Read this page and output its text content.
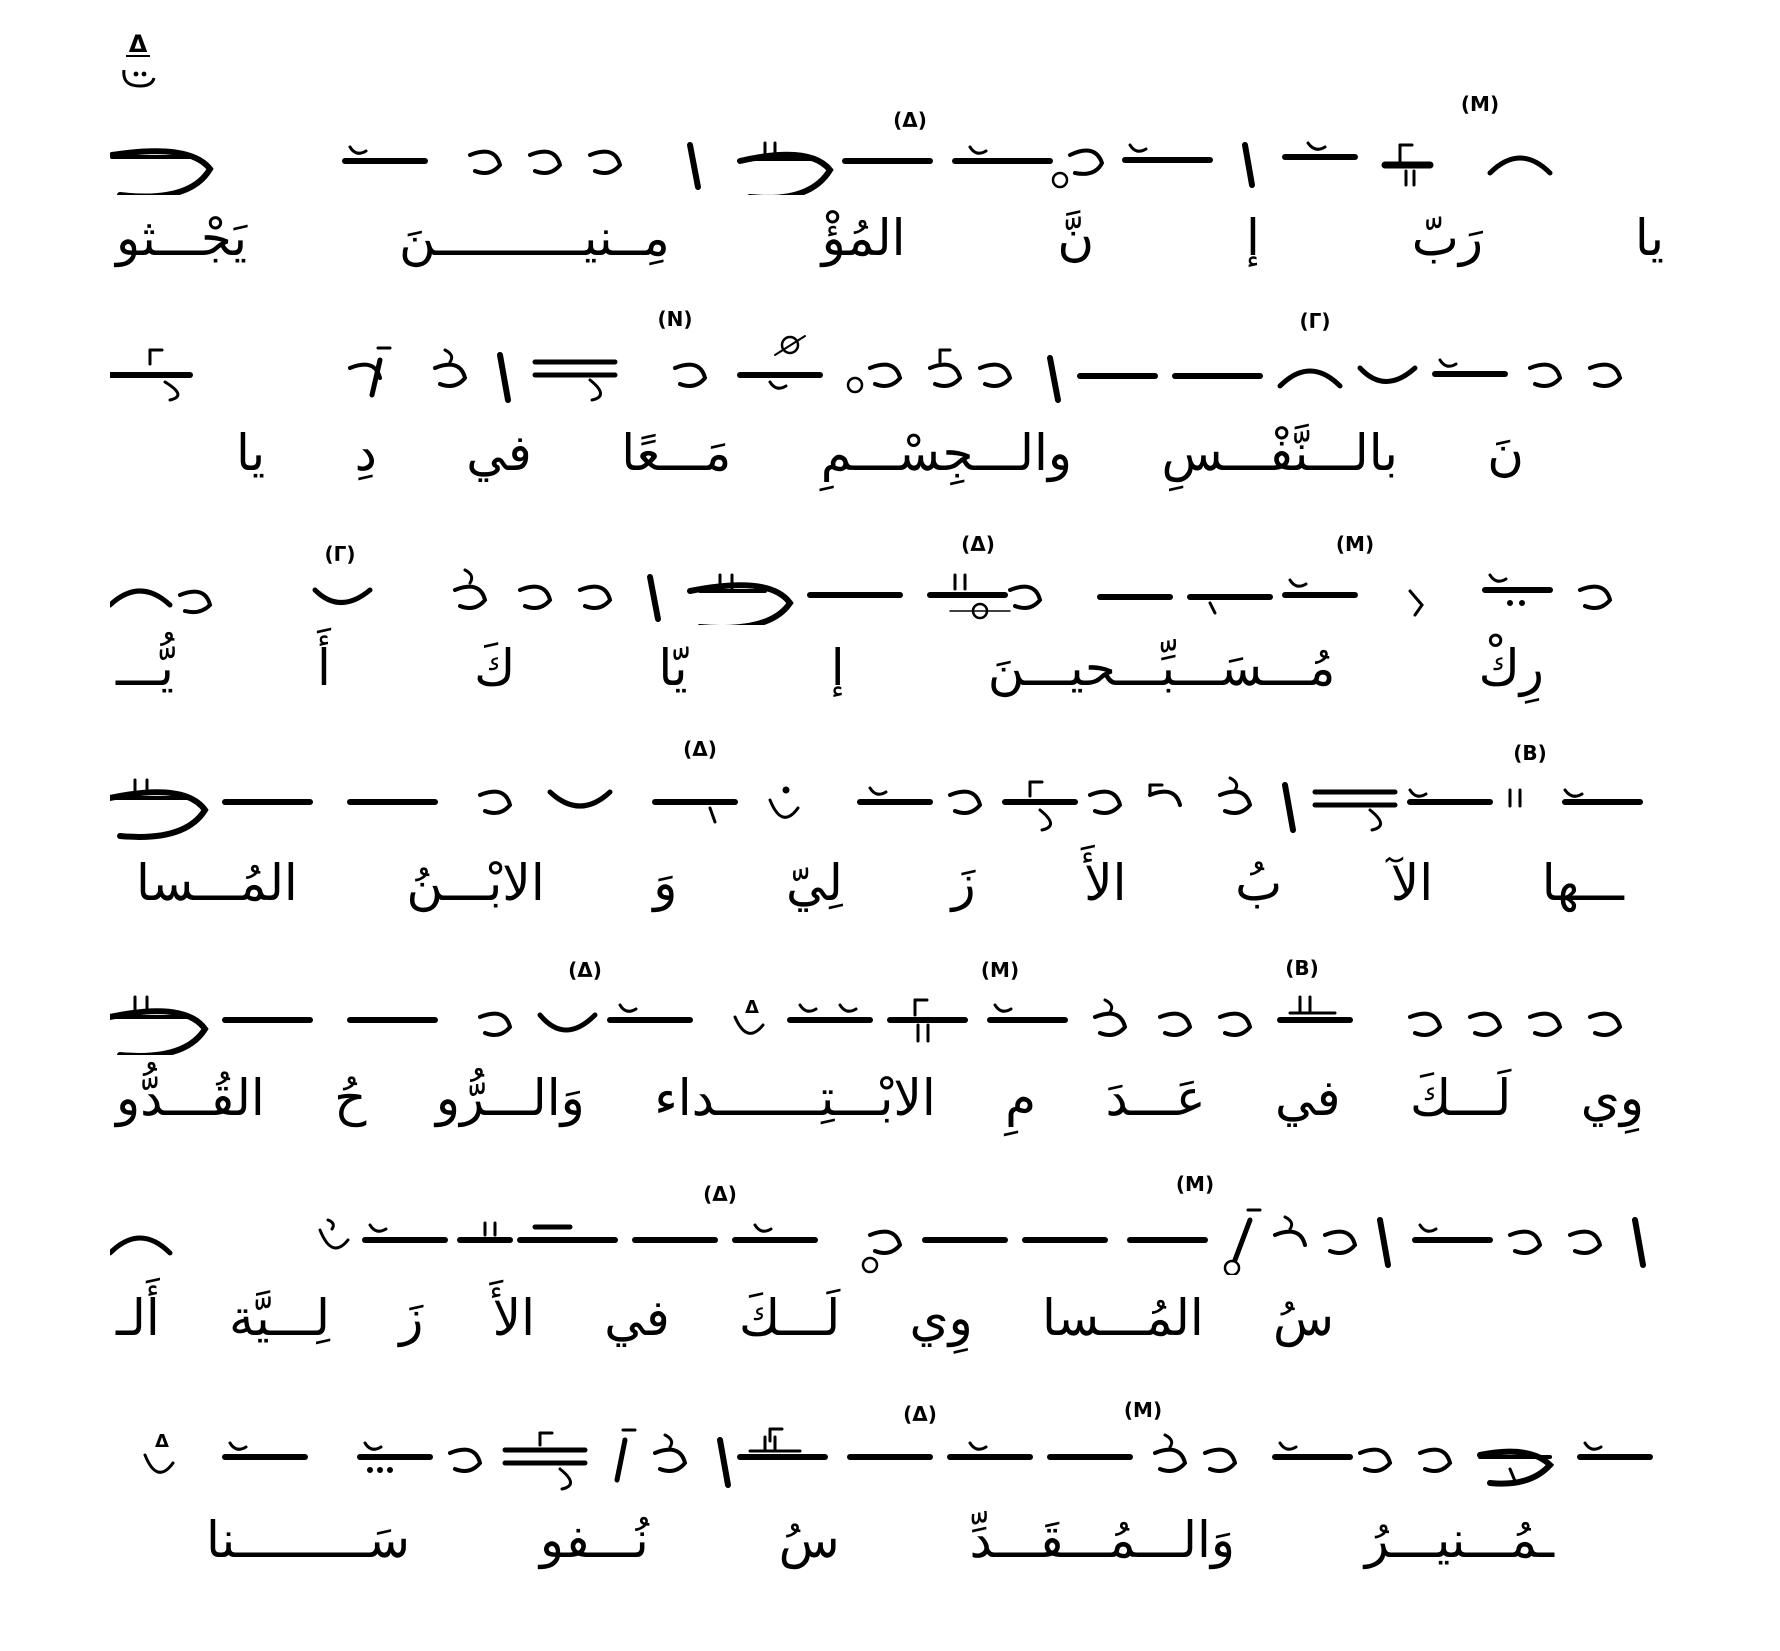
Δ
(Μ)
(Δ)
يا رَبّ إ نَّ المُؤْ مِــنيــــــــــنَ يَجْـــثو
(Γ)
(Ν)
نَ بالـــنَّفْـــسِ والـــجِسْـــمِ مَـــعًا في دِ يا
(Μ)
(Δ)
(Γ)
رِكْ مُـــسَـــبِّـــحيـــنَ إ يّا كَ أَ يُّـــ
(Β)
(Δ)
ـــها الآ بُ الأَ زَ لِيّ وَ الابْـــنُ المُـــسا
(Β)
(Μ)
(Δ)
Δ
وِي لَـــكَ في عَـــدَ مِ الابْـــتِـــــــداء وَالـــرُّو حُ القُـــدُّو
(Μ)
(Δ)
سُ المُـــسا وِي لَـــكَ في الأَ زَ لِـــيَّة أَلـ
(Μ)
(Δ)
Δ
ـمُـــنيـــرُ وَالـــمُـــقَـــدِّ سُ نُـــفو سَـــــــــنا
